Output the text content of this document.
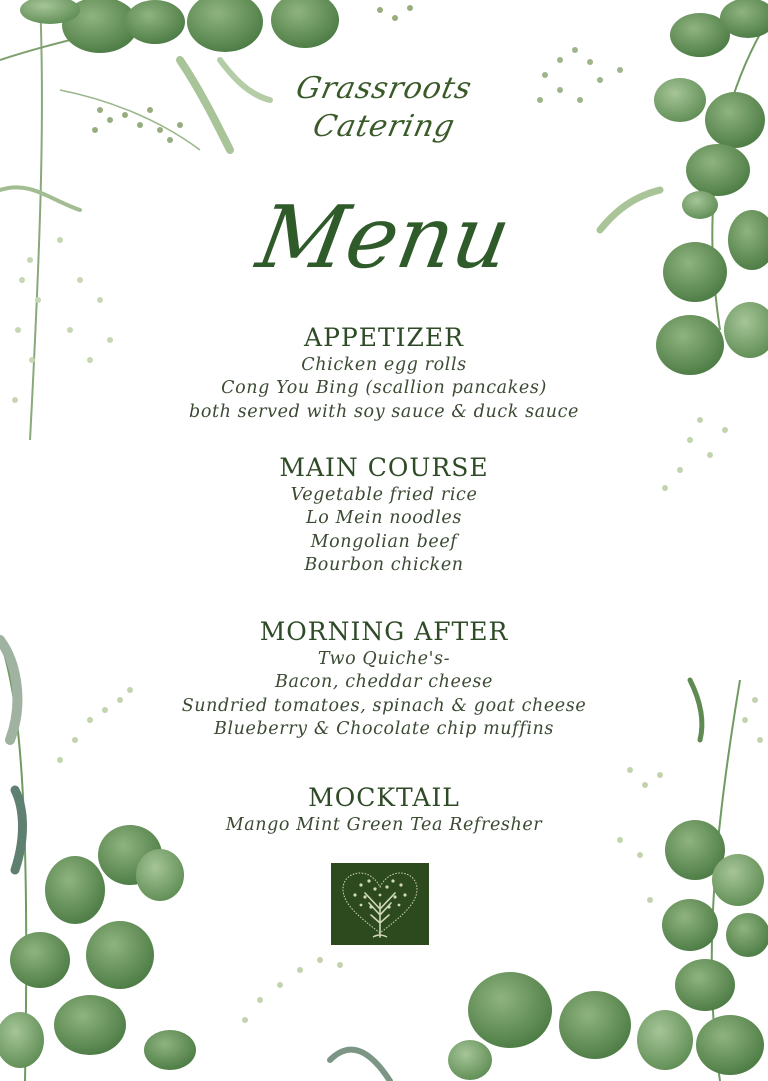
Grassroots
Catering
Menu
APPETIZER
Chicken egg rolls
Cong You Bing (scallion pancakes)
both served with soy sauce & duck sauce
MAIN COURSE
Vegetable fried rice
Lo Mein noodles
Mongolian beef
Bourbon chicken
MORNING AFTER
Two Quiche's-
Bacon, cheddar cheese
Sundried tomatoes, spinach & goat cheese
Blueberry & Chocolate chip muffins
MOCKTAIL
Mango Mint Green Tea Refresher
